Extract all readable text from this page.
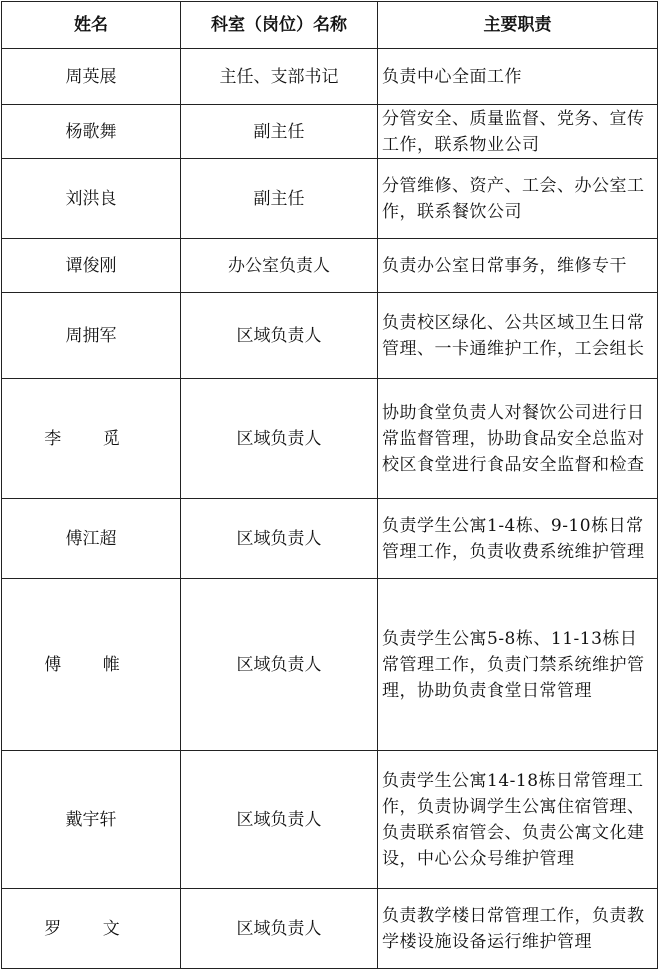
姓名	科室（岗位）名称	主要职责
周英展	主任、支部书记	负责中心全面工作
杨歌舞	副主任	分管安全、质量监督、党务、宣传工作，联系物业公司
刘洪良	副主任	分管维修、资产、工会、办公室工作，联系餐饮公司
谭俊刚	办公室负责人	负责办公室日常事务，维修专干
周拥军	区域负责人	负责校区绿化、公共区域卫生日常管理、一卡通维护工作，工会组长
李 觅	区域负责人	协助食堂负责人对餐饮公司进行日常监督管理，协助食品安全总监对校区食堂进行食品安全监督和检查
傅江超	区域负责人	负责学生公寓1-4栋、9-10栋日常管理工作，负责收费系统维护管理
傅 帷	区域负责人	负责学生公寓5-8栋、11-13栋日常管理工作，负责门禁系统维护管理，协助负责食堂日常管理
戴宇轩	区域负责人	负责学生公寓14-18栋日常管理工作，负责协调学生公寓住宿管理、负责联系宿管会、负责公寓文化建设，中心公众号维护管理
罗 文	区域负责人	负责教学楼日常管理工作，负责教学楼设施设备运行维护管理
